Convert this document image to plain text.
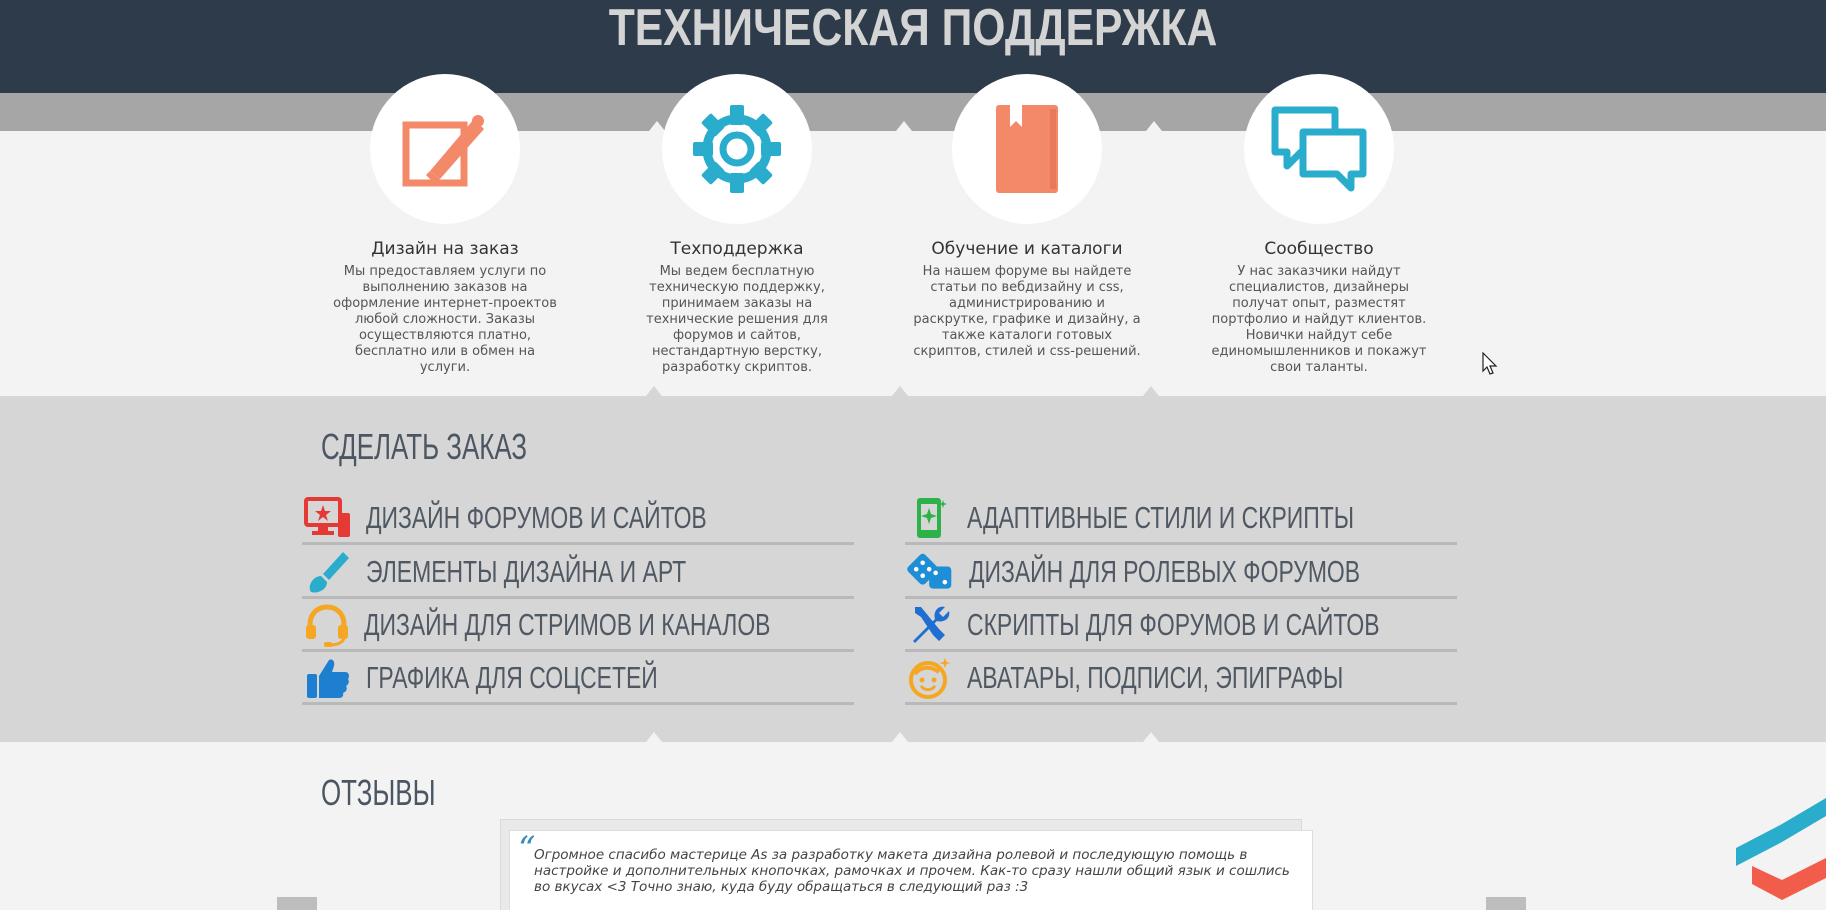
ТЕХНИЧЕСКАЯ ПОДДЕРЖКА
Дизайн на заказ
Мы предоставляем услуги по выполнению заказов на оформление интернет-проектов любой сложности. Заказы осуществляются платно, бесплатно или в обмен на услуги.
Техподдержка
Мы ведем бесплатную техническую поддержку, принимаем заказы на технические решения для форумов и сайтов, нестандартную верстку, разработку скриптов.
Обучение и каталоги
На нашем форуме вы найдете статьи по вебдизайну и css, администрированию и раскрутке, графике и дизайну, а также каталоги готовых скриптов, стилей и css-решений.
Сообщество
У нас заказчики найдут специалистов, дизайнеры получат опыт, разместят портфолио и найдут клиентов. Новички найдут себе единомышленников и покажут свои таланты.
СДЕЛАТЬ ЗАКАЗ
ДИЗАЙН ФОРУМОВ И САЙТОВ
ЭЛЕМЕНТЫ ДИЗАЙНА И АРТ
ДИЗАЙН ДЛЯ СТРИМОВ И КАНАЛОВ
ГРАФИКА ДЛЯ СОЦСЕТЕЙ
АДАПТИВНЫЕ СТИЛИ И СКРИПТЫ
ДИЗАЙН ДЛЯ РОЛЕВЫХ ФОРУМОВ
СКРИПТЫ ДЛЯ ФОРУМОВ И САЙТОВ
АВАТАРЫ, ПОДПИСИ, ЭПИГРАФЫ
ОТЗЫВЫ
“
Огромное спасибо мастерице As за разработку макета дизайна ролевой и последующую помощь в настройке и дополнительных кнопочках, рамочках и прочем. Как-то сразу нашли общий язык и сошлись во вкусах <3 Точно знаю, куда буду обращаться в следующий раз :3
